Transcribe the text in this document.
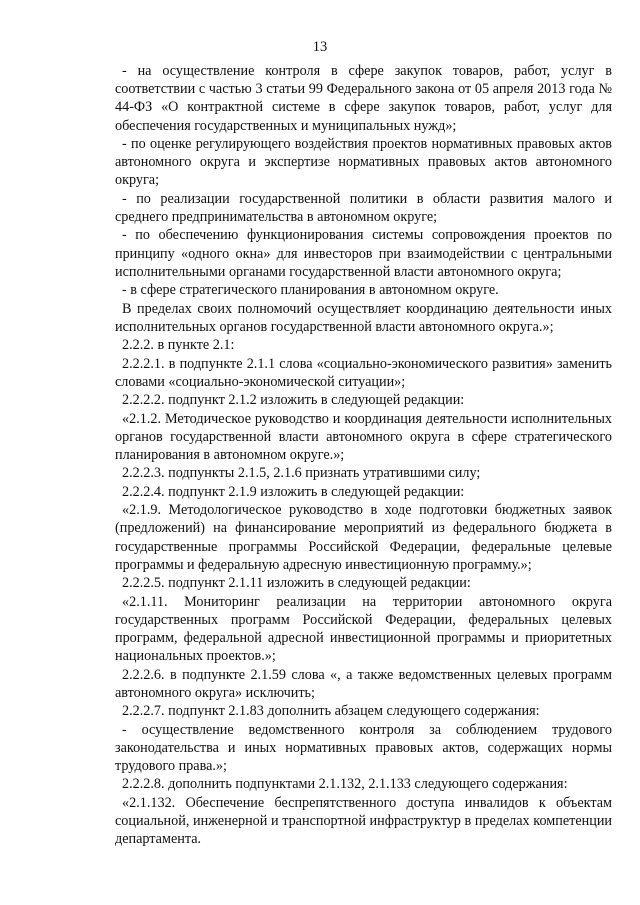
13

- на осуществление контроля в сфере закупок товаров, работ, услуг в соответствии с частью 3 статьи 99 Федерального закона от 05 апреля 2013 года № 44-ФЗ «О контрактной системе в сфере закупок товаров, работ, услуг для обеспечения государственных и муниципальных нужд»;

- по оценке регулирующего воздействия проектов нормативных правовых актов автономного округа и экспертизе нормативных правовых актов автономного округа;

- по реализации государственной политики в области развития малого и среднего предпринимательства в автономном округе;

- по обеспечению функционирования системы сопровождения проектов по принципу «одного окна» для инвесторов при взаимодействии с центральными исполнительными органами государственной власти автономного округа;

- в сфере стратегического планирования в автономном округе.

В пределах своих полномочий осуществляет координацию деятельности иных исполнительных органов государственной власти автономного округа.»;

2.2.2. в пункте 2.1:

2.2.2.1. в подпункте 2.1.1 слова «социально-экономического развития» заменить словами «социально-экономической ситуации»;

2.2.2.2. подпункт 2.1.2 изложить в следующей редакции:

«2.1.2. Методическое руководство и координация деятельности исполнительных органов государственной власти автономного округа в сфере стратегического планирования в автономном округе.»;

2.2.2.3. подпункты 2.1.5, 2.1.6 признать утратившими силу;

2.2.2.4. подпункт 2.1.9 изложить в следующей редакции:

«2.1.9. Методологическое руководство в ходе подготовки бюджетных заявок (предложений) на финансирование мероприятий из федерального бюджета в государственные программы Российской Федерации, федеральные целевые программы и федеральную адресную инвестиционную программу.»;

2.2.2.5. подпункт 2.1.11 изложить в следующей редакции:

«2.1.11. Мониторинг реализации на территории автономного округа государственных программ Российской Федерации, федеральных целевых программ, федеральной адресной инвестиционной программы и приоритетных национальных проектов.»;

2.2.2.6. в подпункте 2.1.59 слова «, а также ведомственных целевых программ автономного округа» исключить;

2.2.2.7. подпункт 2.1.83 дополнить абзацем следующего содержания:

- осуществление ведомственного контроля за соблюдением трудового законодательства и иных нормативных правовых актов, содержащих нормы трудового права.»;

2.2.2.8. дополнить подпунктами 2.1.132, 2.1.133 следующего содержания:

«2.1.132. Обеспечение беспрепятственного доступа инвалидов к объектам социальной, инженерной и транспортной инфраструктур в пределах компетенции департамента.
